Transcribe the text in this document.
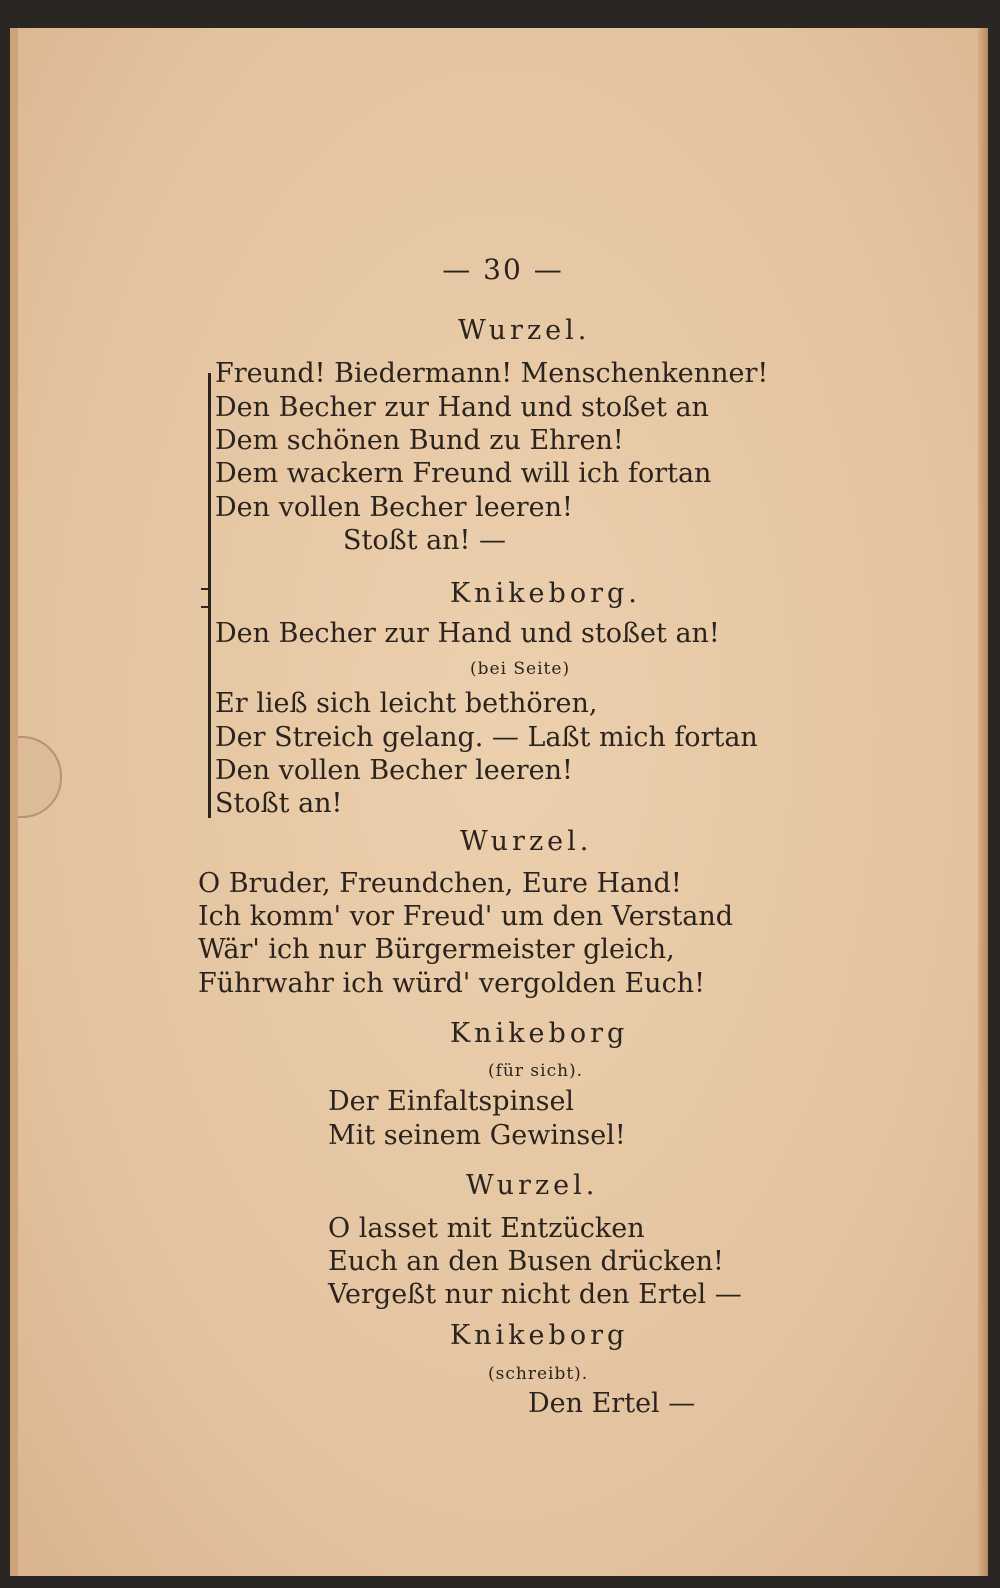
— 30 —
Wurzel.
Freund! Biedermann! Menschenkenner!
Den Becher zur Hand und stoßet an
Dem schönen Bund zu Ehren!
Dem wackern Freund will ich fortan
Den vollen Becher leeren!
Stoßt an! —
Knikeborg.
Den Becher zur Hand und stoßet an!
(bei Seite)
Er ließ sich leicht bethören,
Der Streich gelang. — Laßt mich fortan
Den vollen Becher leeren!
Stoßt an!
Wurzel.
O Bruder, Freundchen, Eure Hand!
Ich komm' vor Freud' um den Verstand
Wär' ich nur Bürgermeister gleich,
Führwahr ich würd' vergolden Euch!
Knikeborg
(für sich).
Der Einfaltspinsel
Mit seinem Gewinsel!
Wurzel.
O lasset mit Entzücken
Euch an den Busen drücken!
Vergeßt nur nicht den Ertel —
Knikeborg
(schreibt).
Den Ertel —
